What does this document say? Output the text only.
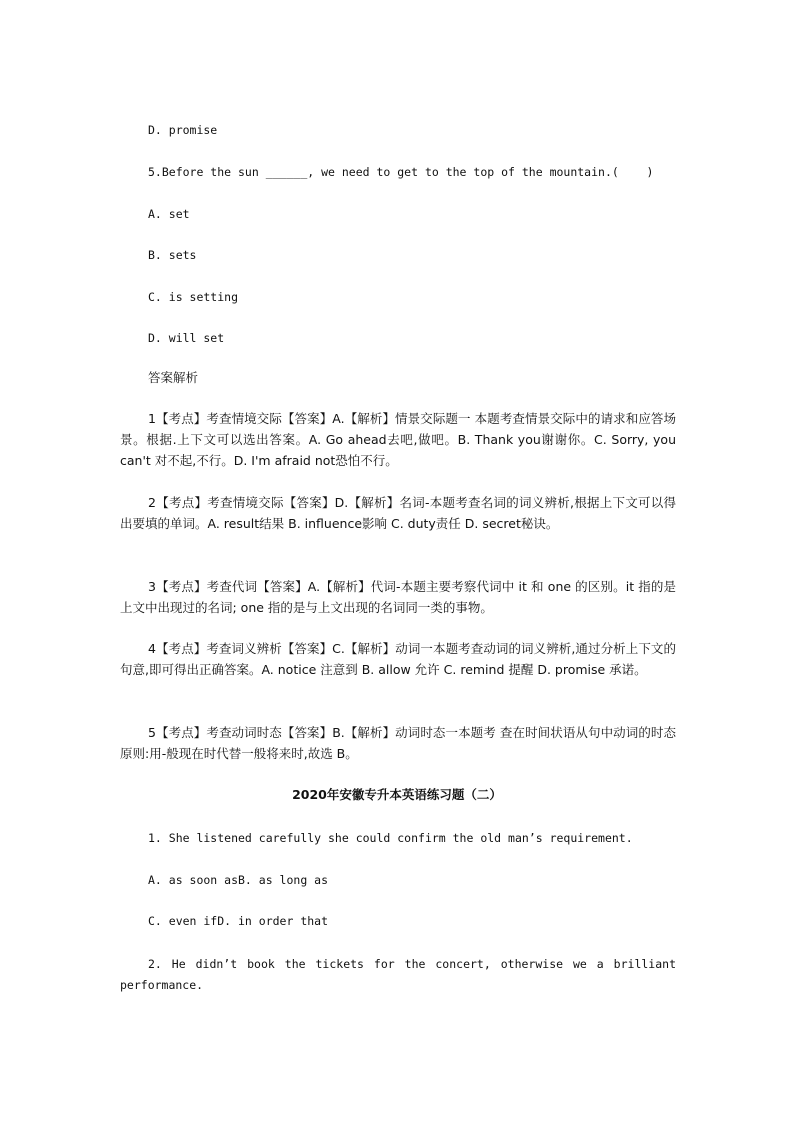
D. promise
5.Before the sun ______, we need to get to the top of the mountain.(    )
A. set
B. sets
C. is setting
D. will set
答案解析
1【考点】考查情境交际【答案】A.【解析】情景交际题一 本题考查情景交际中的请求和应答场景。根据.上下文可以选出答案。A. Go ahead去吧,做吧。B. Thank you谢谢你。C. Sorry, you can't 对不起,不行。D. I'm afraid not恐怕不行。
2【考点】考查情境交际【答案】D.【解析】名词-本题考查名词的词义辨析,根据上下文可以得出要填的单词。A. result结果 B. influence影响 C. duty责任 D. secret秘诀。
3【考点】考查代词【答案】A.【解析】代词-本题主要考察代词中 it 和 one 的区别。it 指的是上文中出现过的名词; one 指的是与上文出现的名词同一类的事物。
4【考点】考查词义辨析【答案】C.【解析】动词一本题考查动词的词义辨析,通过分析上下文的句意,即可得出正确答案。A. notice 注意到 B. allow 允许 C. remind 提醒 D. promise 承诺。
5【考点】考查动词时态【答案】B.【解析】动词时态一本题考 查在时间状语从句中动词的时态原则:用-般现在时代替一般将来时,故选 B。
2020年安徽专升本英语练习题（二）
1. She listened carefully she could confirm the old man’s requirement.
A. as soon asB. as long as
C. even ifD. in order that
2. He didn’t book the tickets for the concert, otherwise we a brilliant performance.
